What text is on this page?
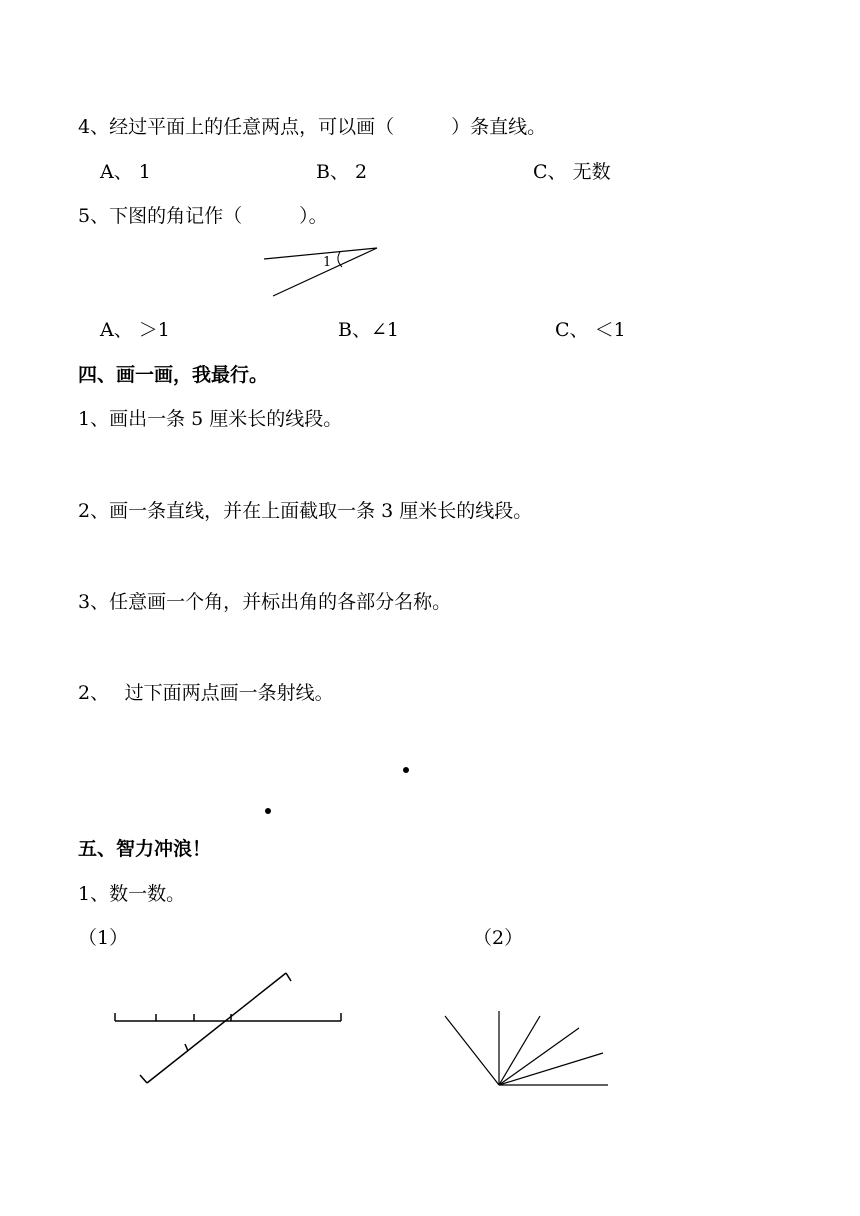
4、经过平面上的任意两点，可以画（　　　）条直线。
A、 1	B、 2	C、 无数
5、下图的角记作（　　　）。
1
A、 ＞1	B、∠1	C、 ＜1
四、画一画，我最行。
1、画出一条 5 厘米长的线段。
2、画一条直线，并在上面截取一条 3 厘米长的线段。
3、任意画一个角，并标出角的各部分名称。
2、　 过下面两点画一条射线。
五、智力冲浪！
1、数一数。
（1）	（2）
